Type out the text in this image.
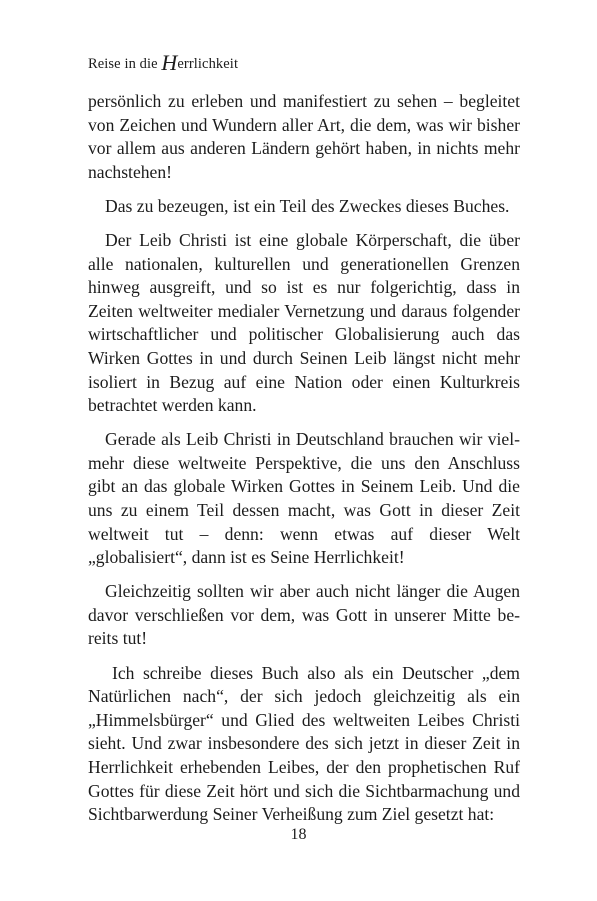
Reise in die Herrlichkeit

persönlich zu erleben und manifestiert zu sehen – begleitet von Zeichen und Wundern aller Art, die dem, was wir bisher vor allem aus anderen Ländern gehört haben, in nichts mehr nachstehen!

Das zu bezeugen, ist ein Teil des Zweckes dieses Buches.

Der Leib Christi ist eine globale Körperschaft, die über alle nationalen, kulturellen und generationellen Grenzen hinweg ausgreift, und so ist es nur folgerichtig, dass in Zeiten weltweiter medialer Vernetzung und daraus folgender wirtschaftlicher und politischer Globalisierung auch das Wirken Gottes in und durch Seinen Leib längst nicht mehr isoliert in Bezug auf eine Nation oder einen Kulturkreis betrachtet werden kann.

Gerade als Leib Christi in Deutschland brauchen wir vielmehr diese weltweite Perspektive, die uns den Anschluss gibt an das globale Wirken Gottes in Seinem Leib. Und die uns zu einem Teil dessen macht, was Gott in dieser Zeit weltweit tut – denn: wenn etwas auf dieser Welt „globalisiert“, dann ist es Seine Herrlichkeit!

Gleichzeitig sollten wir aber auch nicht länger die Augen davor verschließen vor dem, was Gott in unserer Mitte bereits tut!

Ich schreibe dieses Buch also als ein Deutscher „dem Natürlichen nach“, der sich jedoch gleichzeitig als ein „Himmelsbürger“ und Glied des weltweiten Leibes Christi sieht. Und zwar insbesondere des sich jetzt in dieser Zeit in Herrlichkeit erhebenden Leibes, der den prophetischen Ruf Gottes für diese Zeit hört und sich die Sichtbarmachung und Sichtbarwerdung Seiner Verheißung zum Ziel gesetzt hat:

18
